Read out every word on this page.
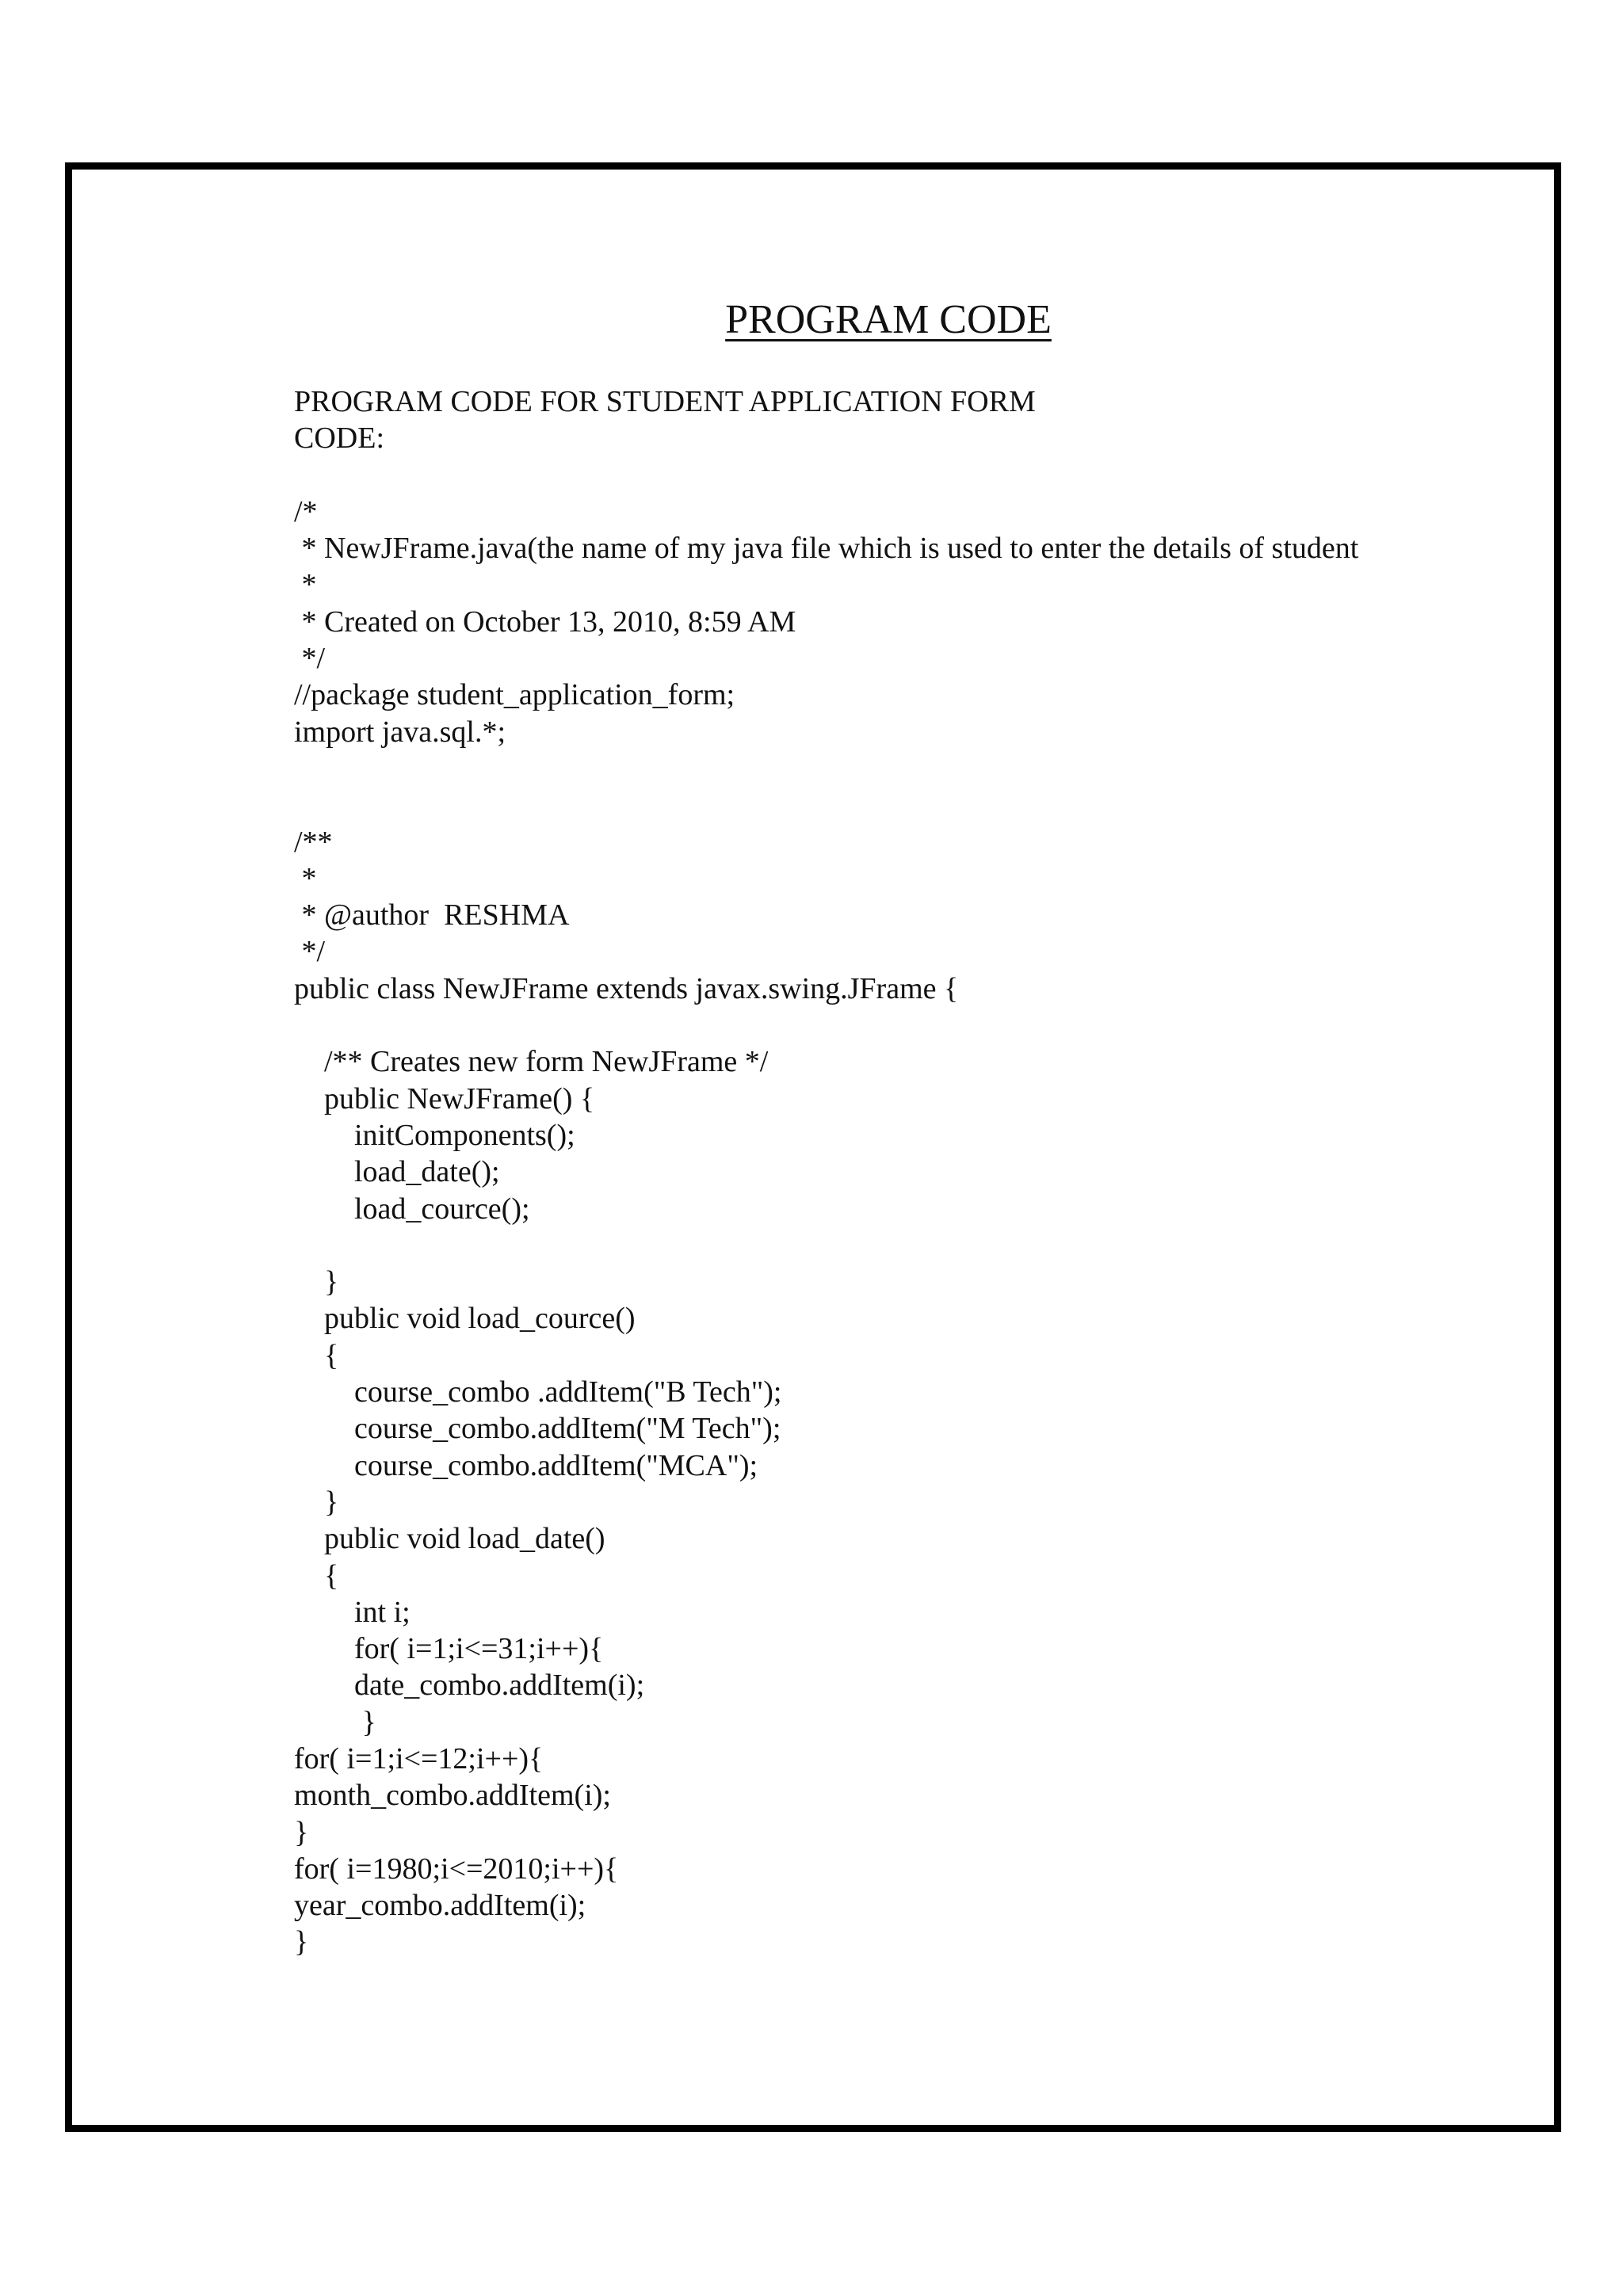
PROGRAM CODE
PROGRAM CODE FOR STUDENT APPLICATION FORM
CODE:
/*
* NewJFrame.java(the name of my java file which is used to enter the details of student
*
* Created on October 13, 2010, 8:59 AM
*/
//package student_application_form;
import java.sql.*;
/**
*
* @author  RESHMA
*/
public class NewJFrame extends javax.swing.JFrame {
/** Creates new form NewJFrame */
public NewJFrame() {
initComponents();
load_date();
load_cource();
}
public void load_cource()
{
course_combo .addItem("B Tech");
course_combo.addItem("M Tech");
course_combo.addItem("MCA");
}
public void load_date()
{
int i;
for( i=1;i<=31;i++){
date_combo.addItem(i);
}
for( i=1;i<=12;i++){
month_combo.addItem(i);
}
for( i=1980;i<=2010;i++){
year_combo.addItem(i);
}
